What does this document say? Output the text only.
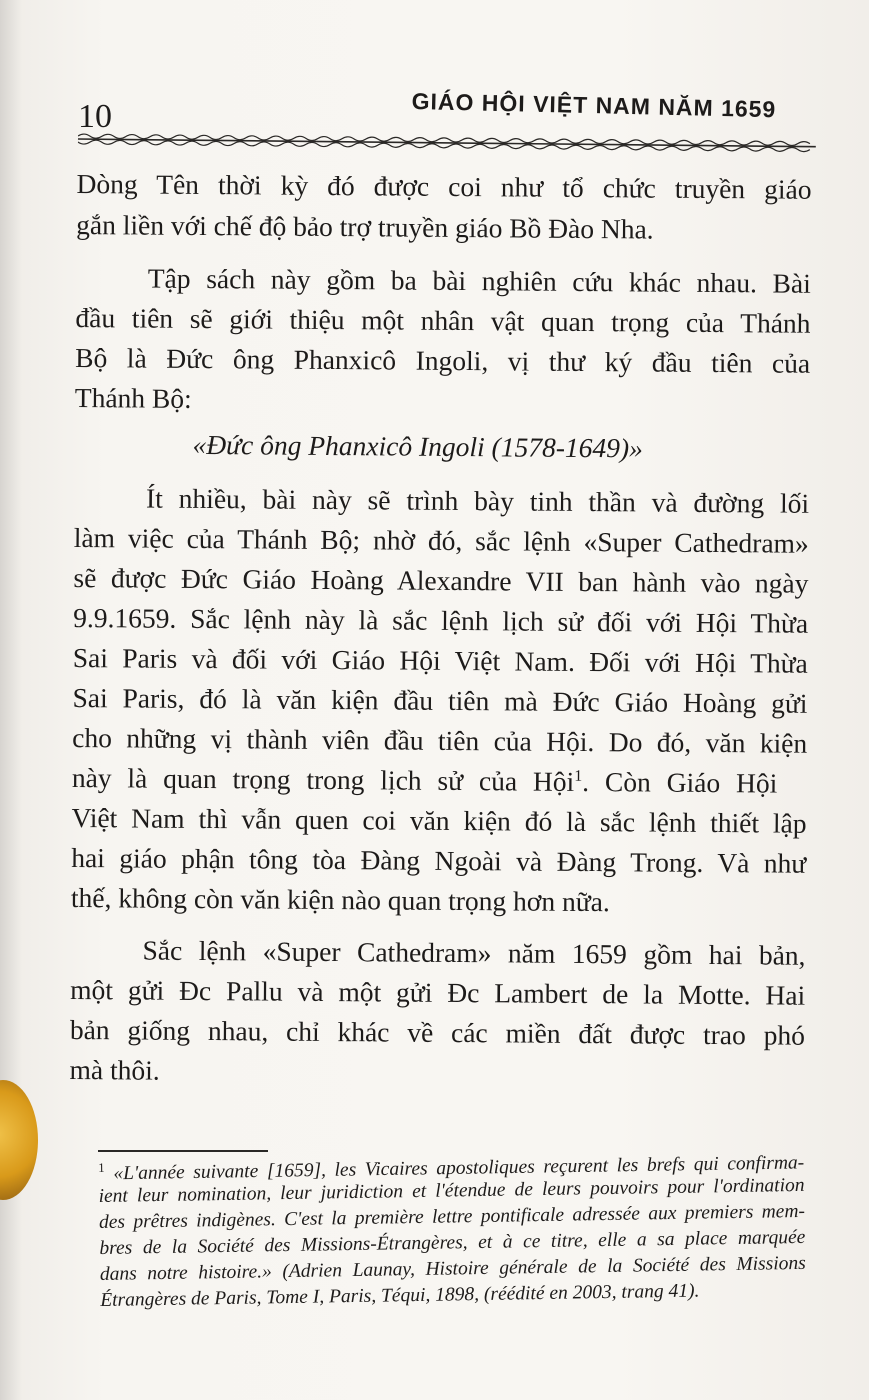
10	GIÁO HỘI VIỆT NAM NĂM 1659
Dòng Tên thời kỳ đó được coi như tổ chức truyền giáo
gắn liền với chế độ bảo trợ truyền giáo Bồ Đào Nha.
Tập sách này gồm ba bài nghiên cứu khác nhau. Bài
đầu tiên sẽ giới thiệu một nhân vật quan trọng của Thánh
Bộ là Đức ông Phanxicô Ingoli, vị thư ký đầu tiên của
Thánh Bộ:
«Đức ông Phanxicô Ingoli (1578-1649)»
Ít nhiều, bài này sẽ trình bày tinh thần và đường lối
làm việc của Thánh Bộ; nhờ đó, sắc lệnh «Super Cathedram»
sẽ được Đức Giáo Hoàng Alexandre VII ban hành vào ngày
9.9.1659. Sắc lệnh này là sắc lệnh lịch sử đối với Hội Thừa
Sai Paris và đối với Giáo Hội Việt Nam. Đối với Hội Thừa
Sai Paris, đó là văn kiện đầu tiên mà Đức Giáo Hoàng gửi
cho những vị thành viên đầu tiên của Hội. Do đó, văn kiện
này là quan trọng trong lịch sử của Hội$^1$. Còn Giáo Hội
Việt Nam thì vẫn quen coi văn kiện đó là sắc lệnh thiết lập
hai giáo phận tông tòa Đàng Ngoài và Đàng Trong. Và như
thế, không còn văn kiện nào quan trọng hơn nữa.
Sắc lệnh «Super Cathedram» năm 1659 gồm hai bản,
một gửi Đc Pallu và một gửi Đc Lambert de la Motte. Hai
bản giống nhau, chỉ khác về các miền đất được trao phó
mà thôi.
$^1$ «L'année suivante [1659], les Vicaires apostoliques reçurent les brefs qui confirma-
ient leur nomination, leur juridiction et l'étendue de leurs pouvoirs pour l'ordination
des prêtres indigènes. C'est la première lettre pontificale adressée aux premiers mem-
bres de la Société des Missions-Étrangères, et à ce titre, elle a sa place marquée
dans notre histoire.» (Adrien Launay, Histoire générale de la Société des Missions
Étrangères de Paris, Tome I, Paris, Téqui, 1898, (réédité en 2003, trang 41).
